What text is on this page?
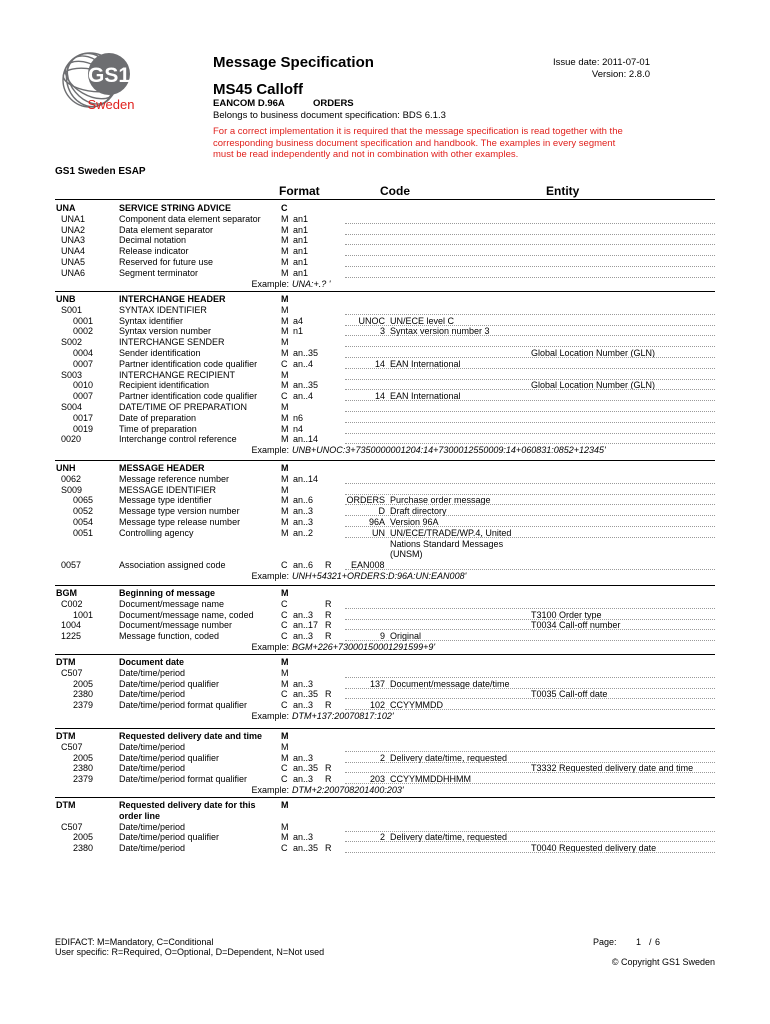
GS1
Sweden
Message Specification	Issue date: 2011-07-01
Version: 2.8.0
MS45 Calloff
EANCOM D.96A	ORDERS
Belongs to business document specification: BDS 6.1.3
For a correct implementation it is required that the message specification is read together with the corresponding business document specification and handbook. The examples in every segment must be read independently and not in combination with other examples.
GS1 Sweden ESAP
Format	Code	Entity
UNA	SERVICE STRING ADVICE	C
UNA1	Component data element separator M an1
UNA2	Data element separator	M an1
UNA3	Decimal notation	M an1
UNA4	Release indicator	M an1
UNA5	Reserved for future use	M an1
UNA6	Segment terminator	M an1
Example: UNA:+.? '
UNB	INTERCHANGE HEADER	M
S001	SYNTAX IDENTIFIER	M
0001	Syntax identifier	M a4	UNOC UN/ECE level C
0002	Syntax version number	M n1	3 Syntax version number 3
S002	INTERCHANGE SENDER	M
0004	Sender identification	M an..35	Global Location Number (GLN)
0007	Partner identification code qualifier	C an..4	14 EAN International
S003	INTERCHANGE RECIPIENT	M
0010	Recipient identification	M an..35	Global Location Number (GLN)
0007	Partner identification code qualifier	C an..4	14 EAN International
S004	DATE/TIME OF PREPARATION	M
0017	Date of preparation	M n6
0019	Time of preparation	M n4
0020	Interchange control reference	M an..14
Example: UNB+UNOC:3+7350000001204:14+7300012550009:14+060831:0852+12345'
UNH	MESSAGE HEADER	M
0062	Message reference number	M an..14
S009	MESSAGE IDENTIFIER	M
0065	Message type identifier	M an..6	ORDERS Purchase order message
0052	Message type version number	M an..3	D Draft directory
0054	Message type release number	M an..3	96A Version 96A
0051	Controlling agency	M an..2	UN UN/ECE/TRADE/WP.4, United
Nations Standard Messages
(UNSM)
0057	Association assigned code	C an..6 R EAN008
Example: UNH+54321+ORDERS:D:96A:UN:EAN008'
BGM	Beginning of message	M
C002	Document/message name	C	R
1001	Document/message name, coded	C an..3 R	T3100 Order type
1004	Document/message number	C an..17 R	T0034 Call-off number
1225	Message function, coded	C an..3 R	9 Original
Example: BGM+226+73000150001291599+9'
DTM	Document date	M
C507	Date/time/period	M
2005	Date/time/period qualifier	M an..3	137 Document/message date/time
2380	Date/time/period	C an..35 R	T0035 Call-off date
2379	Date/time/period format qualifier	C an..3 R	102 CCYYMMDD
Example: DTM+137:20070817:102'
DTM	Requested delivery date and time M
C507	Date/time/period	M
2005	Date/time/period qualifier	M an..3	2 Delivery date/time, requested
2380	Date/time/period	C an..35 R	T3332 Requested delivery date and time
2379	Date/time/period format qualifier	C an..3 R	203 CCYYMMDDHHMM
Example: DTM+2:200708201400:203'
DTM	Requested delivery date for this	M
order line
C507	Date/time/period	M
2005	Date/time/period qualifier	M an..3	2 Delivery date/time, requested
2380	Date/time/period	C an..35 R	T0040 Requested delivery date
EDIFACT: M=Mandatory, C=Conditional
User specific: R=Required, O=Optional, D=Dependent, N=Not used
Page: 1 / 6
© Copyright GS1 Sweden
